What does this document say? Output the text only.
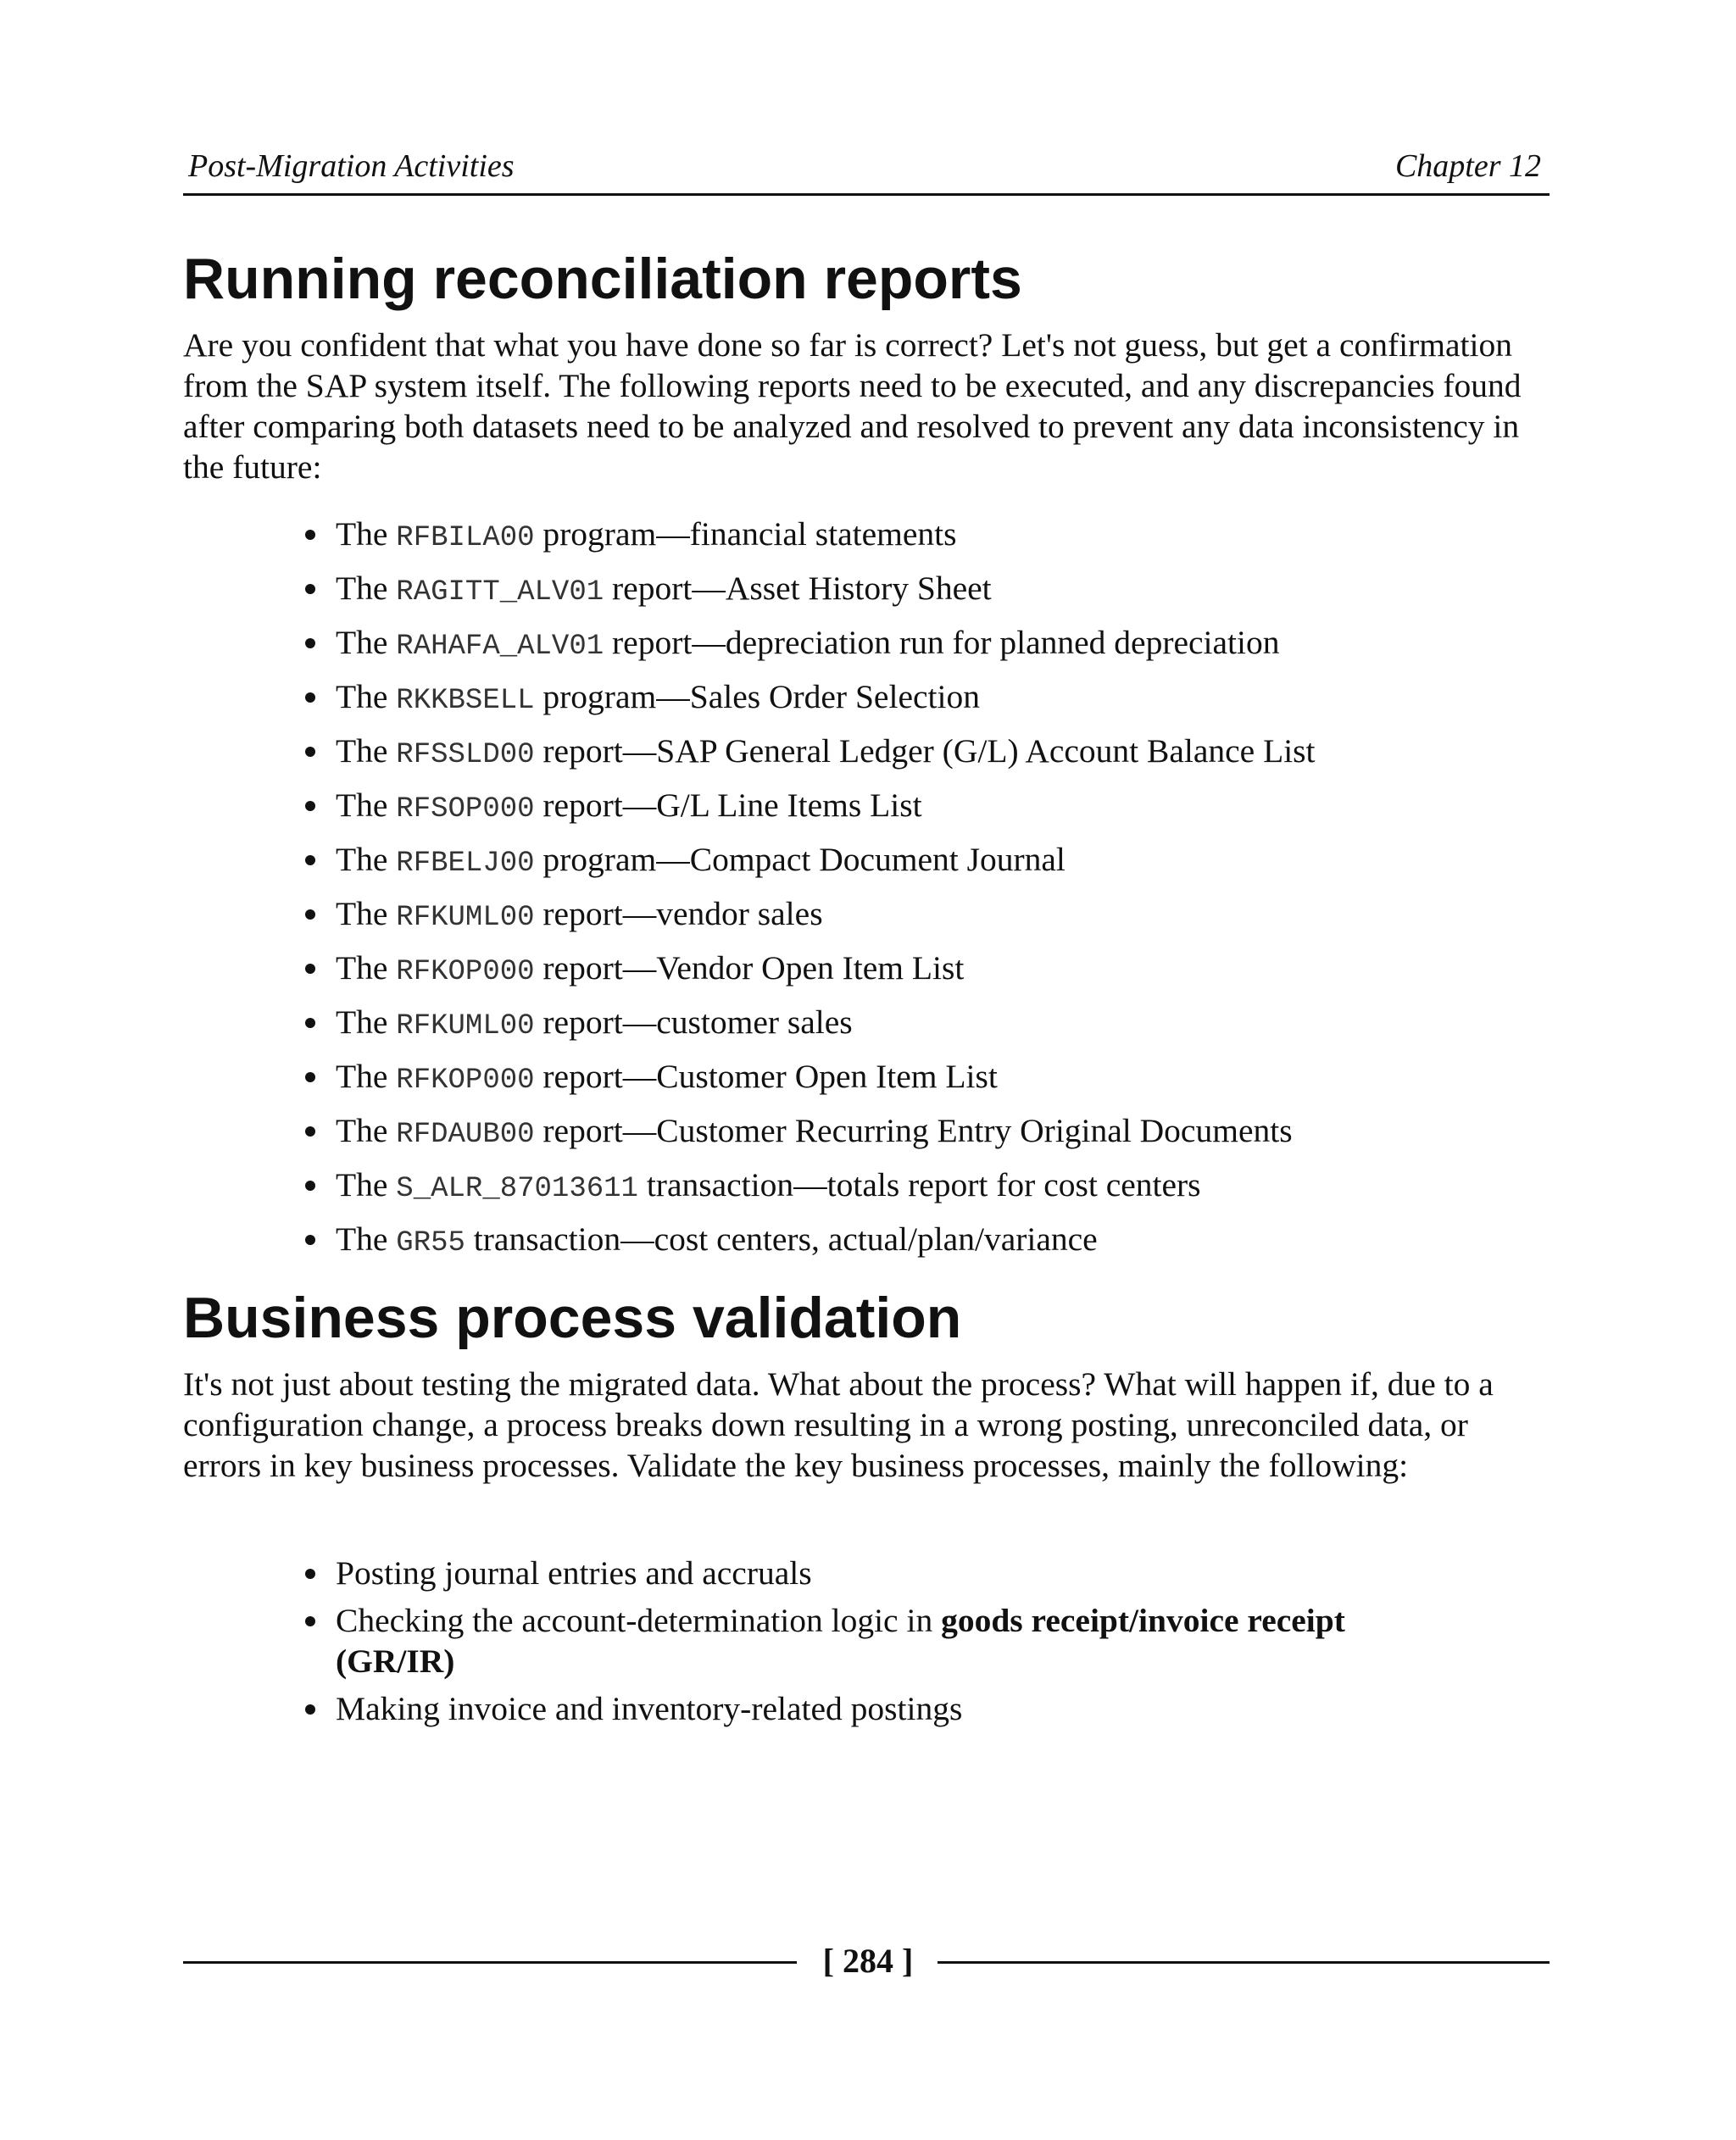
Post-Migration Activities	Chapter 12
Running reconciliation reports

Are you confident that what you have done so far is correct? Let's not guess, but get a confirmation from the SAP system itself. The following reports need to be executed, and any discrepancies found after comparing both datasets need to be analyzed and resolved to prevent any data inconsistency in the future:

The RFBILA00 program—financial statements
The RAGITT_ALV01 report—Asset History Sheet
The RAHAFA_ALV01 report—depreciation run for planned depreciation
The RKKBSELL program—Sales Order Selection
The RFSSLD00 report—SAP General Ledger (G/L) Account Balance List
The RFSOP000 report—G/L Line Items List
The RFBELJ00 program—Compact Document Journal
The RFKUML00 report—vendor sales
The RFKOP000 report—Vendor Open Item List
The RFKUML00 report—customer sales
The RFKOP000 report—Customer Open Item List
The RFDAUB00 report—Customer Recurring Entry Original Documents
The S_ALR_87013611 transaction—totals report for cost centers
The GR55 transaction—cost centers, actual/plan/variance
Business process validation

It's not just about testing the migrated data. What about the process? What will happen if, due to a configuration change, a process breaks down resulting in a wrong posting, unreconciled data, or errors in key business processes. Validate the key business processes, mainly the following:

Posting journal entries and accruals
Checking the account-determination logic in goods receipt/invoice receipt
(GR/IR)
Making invoice and inventory-related postings
[ 284 ]
